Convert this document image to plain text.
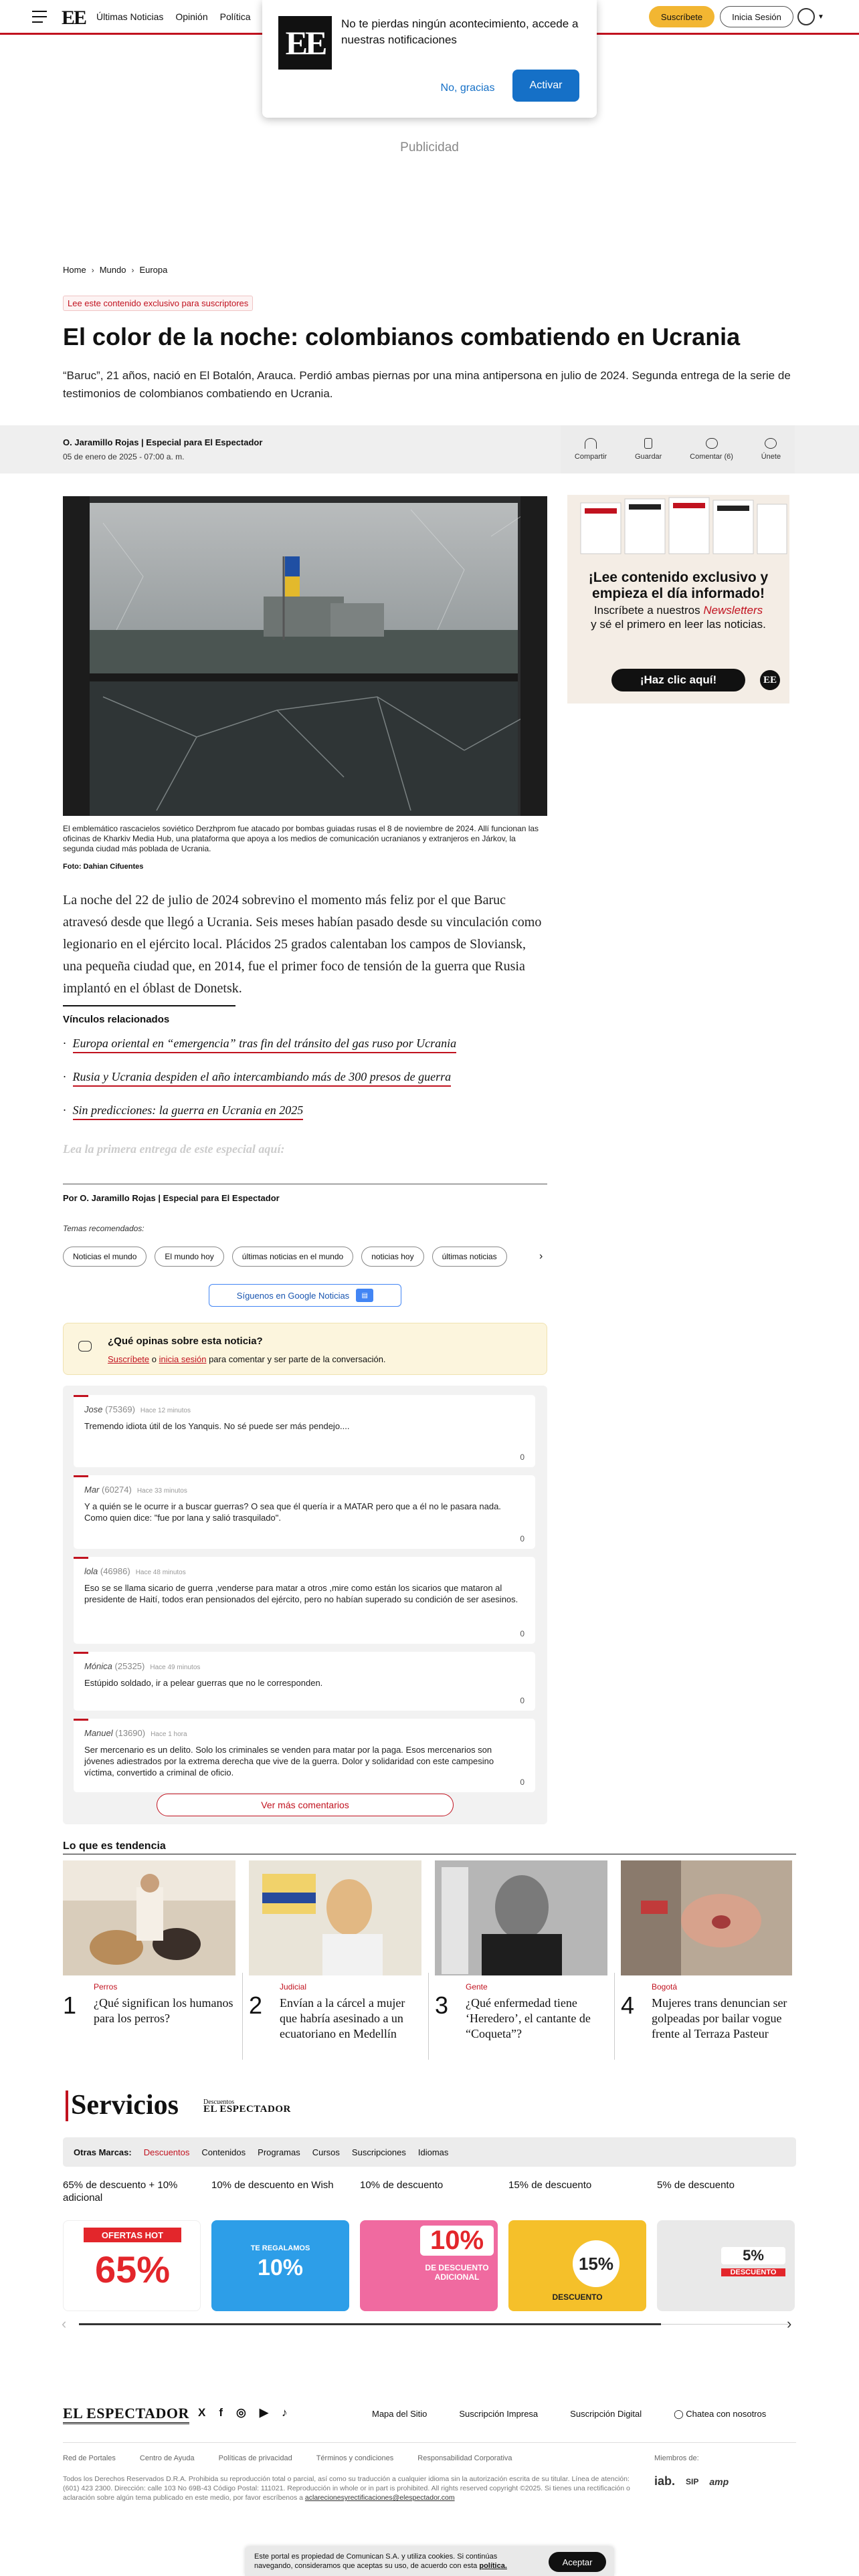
EE Últimas Noticias Opinión Política	Suscríbete	Inicia Sesión	▼
EE
No te pierdas ningún acontecimiento, accede a nuestras notificaciones
No, gracias	Activar
Publicidad
Home › Mundo › Europa
Lee este contenido exclusivo para suscriptores
El color de la noche: colombianos combatiendo en Ucrania

“Baruc”, 21 años, nació en El Botalón, Arauca. Perdió ambas piernas por una mina antipersona en julio de 2024. Segunda entrega de la serie de testimonios de colombianos combatiendo en Ucrania.

O. Jaramillo Rojas | Especial para El Espectador
05 de enero de 2025 - 07:00 a. m.	Compartir	Guardar	Comentar (6)	Únete

El emblemático rascacielos soviético Derzhprom fue atacado por bombas guiadas rusas el 8 de noviembre de 2024. Allí funcionan las oficinas de Kharkiv Media Hub, una plataforma que apoya a los medios de comunicación ucranianos y extranjeros en Járkov, la segunda ciudad más poblada de Ucrania.

Foto: Dahian Cifuentes
¡Lee contenido exclusivo y empieza el día informado!
Inscríbete a nuestros Newsletters
y sé el primero en leer las noticias.
¡Haz clic aquí!	EE

La noche del 22 de julio de 2024 sobrevino el momento más feliz por el que Baruc atravesó desde que llegó a Ucrania. Seis meses habían pasado desde su vinculación como legionario en el ejército local. Plácidos 25 grados calentaban los campos de Sloviansk, una pequeña ciudad que, en 2014, fue el primer foco de tensión de la guerra que Rusia implantó en el óblast de Donetsk.

Vínculos relacionados
· Europa oriental en “emergencia” tras fin del tránsito del gas ruso por Ucrania
· Rusia y Ucrania despiden el año intercambiando más de 300 presos de guerra
· Sin predicciones: la guerra en Ucrania en 2025
Lea la primera entrega de este especial aquí:
Por O. Jaramillo Rojas | Especial para El Espectador
Temas recomendados:
Noticias el mundo	El mundo hoy	últimas noticias en el mundo	noticias hoy	últimas noticias	›
Síguenos en Google Noticias	▤
¿Qué opinas sobre esta noticia?
Suscríbete o inicia sesión para comentar y ser parte de la conversación.
Jose (75369) Hace 12 minutos
Tremendo idiota útil de los Yanquis. No sé puede ser más pendejo....
0
Mar (60274) Hace 33 minutos
Y a quién se le ocurre ir a buscar guerras? O sea que él quería ir a MATAR pero que a él no le pasara nada. Como quien dice: "fue por lana y salió trasquilado".
0
lola (46986) Hace 48 minutos
Eso se se llama sicario de guerra ,venderse para matar a otros ,mire como están los sicarios que mataron al presidente de Haití, todos eran pensionados del ejército, pero no habían superado su condición de ser asesinos.
0
Mónica (25325) Hace 49 minutos
Estúpido soldado, ir a pelear guerras que no le corresponden.
0
Manuel (13690) Hace 1 hora
Ser mercenario es un delito. Solo los criminales se venden para matar por la paga. Esos mercenarios son jóvenes adiestrados por la extrema derecha que vive de la guerra. Dolor y solidaridad con este campesino víctima, convertido a criminal de oficio.
0
Ver más comentarios
Lo que es tendencia
Perros
1 ¿Qué significan los humanos para los perros?
Judicial
2 Envían a la cárcel a mujer que habría asesinado a un ecuatoriano en Medellín
Gente
3 ¿Qué enfermedad tiene ‘Heredero’, el cantante de “Coqueta”?
Bogotá
4 Mujeres trans denuncian ser golpeadas por bailar vogue frente al Terraza Pasteur
Servicios	Descuentos
EL ESPECTADOR
Otras Marcas: Descuentos Contenidos Programas Cursos Suscripciones Idiomas
65% de descuento + 10% adicional
OFERTAS HOT
65%
10% de descuento en Wish
TE REGALAMOS
10%
10% de descuento
10%
DE DESCUENTO ADICIONAL
15% de descuento
15%
DESCUENTO
5% de descuento
5%
DESCUENTO
‹	›
EL ESPECTADOR X f ◎ ▶ ♪	Mapa del Sitio	Suscripción Impresa	Suscripción Digital	◯ Chatea con nosotros
Red de Portales	Centro de Ayuda	Políticas de privacidad	Términos y condiciones	Responsabilidad Corporativa	Miembros de:

Todos los Derechos Reservados D.R.A. Prohibida su reproducción total o parcial, así como su traducción a cualquier idioma sin la autorización escrita de su titular. Línea de atención: (601) 423 2300. Dirección: calle 103 No 69B-43 Código Postal: 111021. Reproducción in whole or in part is prohibited. All rights reserved copyright ©2025. Si tienes una rectificación o aclaración sobre algún tema publicado en este medio, por favor escríbenos a aclarecionesyrectificaciones@elespectador.com

iab. SIP amp
Este portal es propiedad de Comunican S.A. y utiliza cookies. Si continúas navegando, consideramos que aceptas su uso, de acuerdo con esta política.	Aceptar
